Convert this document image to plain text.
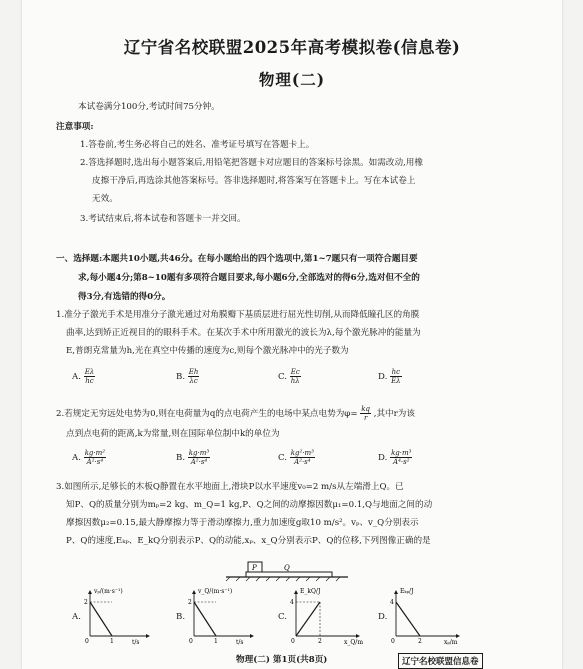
辽宁省名校联盟2025年高考模拟卷(信息卷)
物理(二)
本试卷满分100分,考试时间75分钟。
注意事项:
1.答卷前,考生务必将自己的姓名、准考证号填写在答题卡上。
2.答选择题时,选出每小题答案后,用铅笔把答题卡对应题目的答案标号涂黑。如需改动,用橡
皮擦干净后,再选涂其他答案标号。答非选择题时,将答案写在答题卡上。写在本试卷上
无效。
3.考试结束后,将本试卷和答题卡一并交回。
一、选择题:本题共10小题,共46分。在每小题给出的四个选项中,第1~7题只有一项符合题目要
求,每小题4分;第8~10题有多项符合题目要求,每小题6分,全部选对的得6分,选对但不全的
得3分,有选错的得0分。
1.准分子激光手术是用准分子激光通过对角膜瓣下基质层进行屈光性切削,从而降低瞳孔区的角膜
曲率,达到矫正近视目的的眼科手术。在某次手术中所用激光的波长为λ,每个激光脉冲的能量为
E,普朗克常量为h,光在真空中传播的速度为c,则每个激光脉冲中的光子数为
A. $\frac{E\lambda}{hc}$	B. $\frac{Eh}{\lambda c}$	C. $\frac{Ec}{h\lambda}$	D. $\frac{hc}{E\lambda}$
2.若规定无穷远处电势为0,则在电荷量为q的点电荷产生的电场中某点电势为$\varphi= \frac{kq}{r}$ ,其中r为该
点到点电荷的距离,k为常量,则在国际单位制中k的单位为
A. $\frac{\text{kg·m²}}{\text{A²·s⁴}}$	B. $\frac{\text{kg·m³}}{\text{A²·s⁴}}$	C. $\frac{\text{kg²·m³}}{\text{A²·s⁴}}$	D. $\frac{\text{kg·m³}}{\text{A⁴·s²}}$
3.如图所示,足够长的木板Q静置在水平地面上,滑块P以水平速度v₀=2 m/s从左端滑上Q。已
知P、Q的质量分别为mₚ=2 kg、m_Q=1 kg,P、Q之间的动摩擦因数μ₁=0.1,Q与地面之间的动
摩擦因数μ₂=0.15,最大静摩擦力等于滑动摩擦力,重力加速度g取10 m/s²。vₚ、v_Q分别表示
P、Q的速度,Eₖₚ、E_kQ分别表示P、Q的动能,xₚ、x_Q分别表示P、Q的位移,下列图像正确的是
P	Q
A.
vₚ/(m·s⁻¹)
t/s
2
1
0
B.
v_Q/(m·s⁻¹)
t/s
2
1
0
C.
E_kQ/J
x_Q/m
4
2
0
D.
Eₖₚ/J
xₚ/m
4
2
0
物理(二) 第1页(共8页)	辽宁名校联盟信息卷
